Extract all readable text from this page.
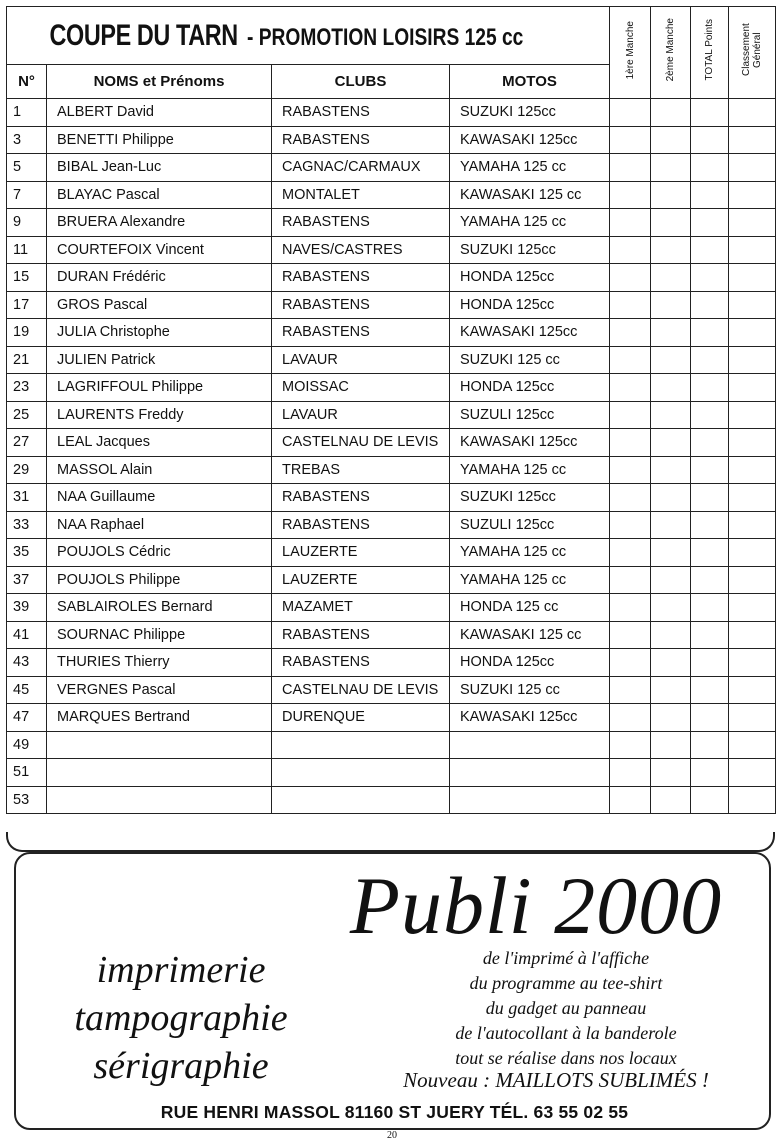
COUPE DU TARN - PROMOTION LOISIRS 125 cc				1ère Manche	2ème Manche	TOTAL Points	Classement Général
N°	NOMS et Prénoms	CLUBS	MOTOS				
1	ALBERT David	RABASTENS	SUZUKI 125cc				
3	BENETTI Philippe	RABASTENS	KAWASAKI 125cc				
5	BIBAL Jean-Luc	CAGNAC/CARMAUX	YAMAHA 125 cc				
7	BLAYAC Pascal	MONTALET	KAWASAKI 125 cc				
9	BRUERA Alexandre	RABASTENS	YAMAHA 125 cc				
11	COURTEFOIX Vincent	NAVES/CASTRES	SUZUKI 125cc				
15	DURAN Frédéric	RABASTENS	HONDA 125cc				
17	GROS Pascal	RABASTENS	HONDA 125cc				
19	JULIA Christophe	RABASTENS	KAWASAKI 125cc				
21	JULIEN Patrick	LAVAUR	SUZUKI 125 cc				
23	LAGRIFFOUL Philippe	MOISSAC	HONDA 125cc				
25	LAURENTS Freddy	LAVAUR	SUZULI 125cc				
27	LEAL Jacques	CASTELNAU DE LEVIS	KAWASAKI 125cc				
29	MASSOL Alain	TREBAS	YAMAHA 125 cc				
31	NAA Guillaume	RABASTENS	SUZUKI 125cc				
33	NAA Raphael	RABASTENS	SUZULI 125cc				
35	POUJOLS Cédric	LAUZERTE	YAMAHA 125 cc				
37	POUJOLS Philippe	LAUZERTE	YAMAHA 125 cc				
39	SABLAIROLES Bernard	MAZAMET	HONDA 125 cc				
41	SOURNAC Philippe	RABASTENS	KAWASAKI 125 cc				
43	THURIES Thierry	RABASTENS	HONDA 125cc				
45	VERGNES Pascal	CASTELNAU DE LEVIS	SUZUKI 125 cc				
47	MARQUES Bertrand	DURENQUE	KAWASAKI 125cc				
49							
51							
53							
Publi 2000
imprimerie
tampographie
sérigraphie
de l'imprimé à l'affiche
du programme au tee-shirt
du gadget au panneau
de l'autocollant à la banderole
tout se réalise dans nos locaux
Nouveau : MAILLOTS SUBLIMÉS !
RUE HENRI MASSOL 81160 ST JUERY TÉL. 63 55 02 55
20
